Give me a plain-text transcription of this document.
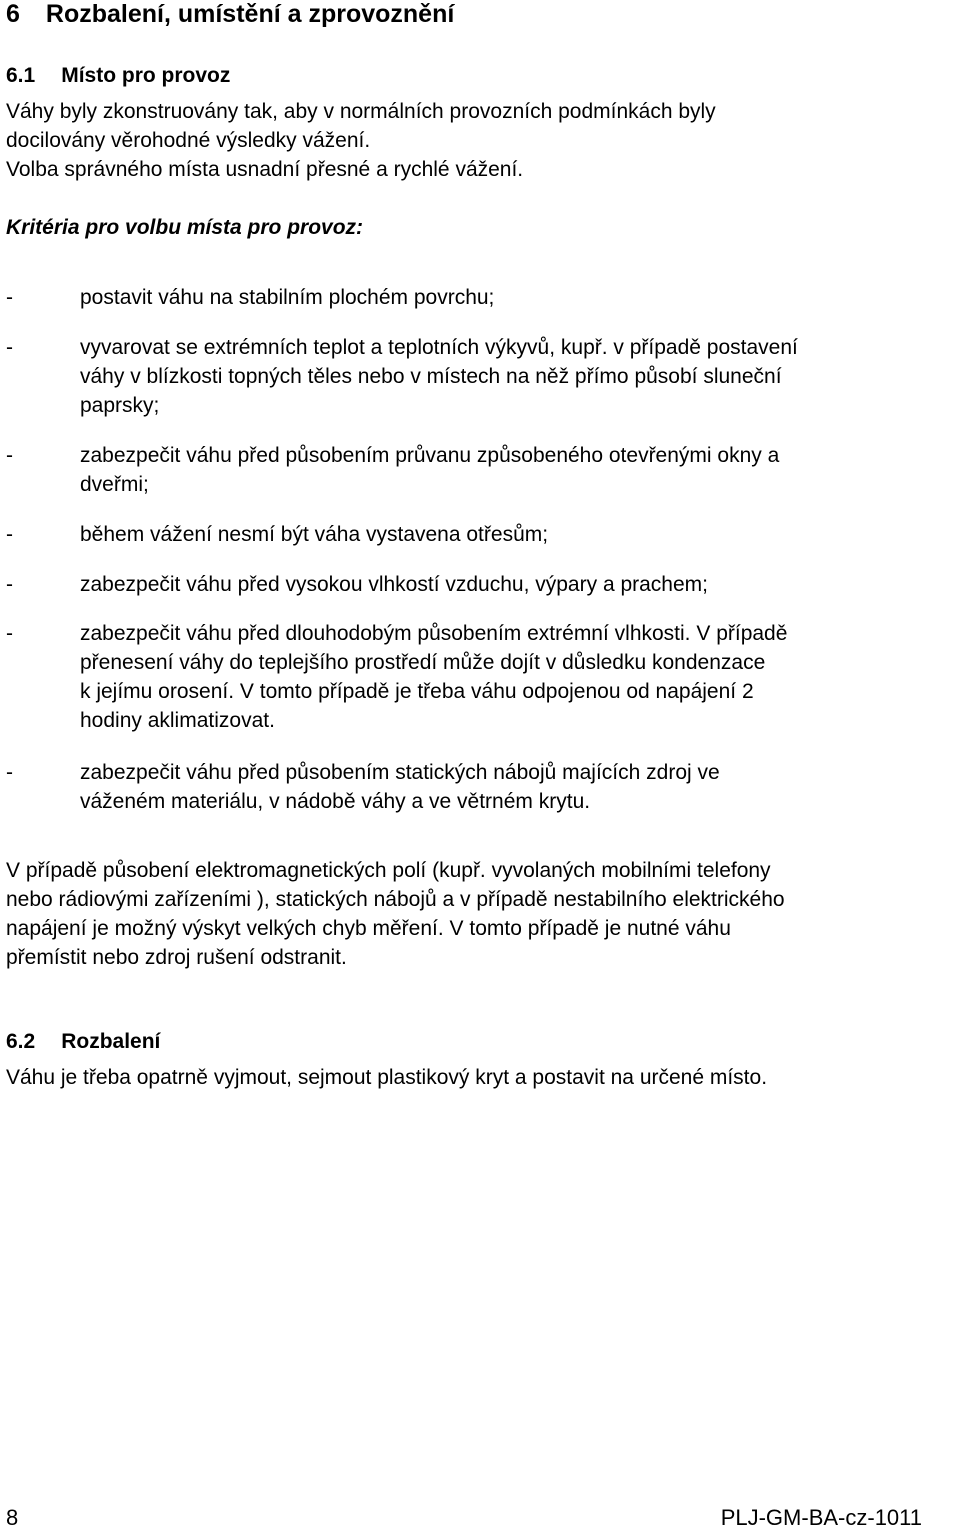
6 Rozbalení, umístění a zprovoznění
6.1 Místo pro provoz
Váhy byly zkonstruovány tak, aby v normálních provozních podmínkách byly
docilovány věrohodné výsledky vážení.
Volba správného místa usnadní přesné a rychlé vážení.
Kritéria pro volbu místa pro provoz:
-	postavit váhu na stabilním plochém povrchu;
-	vyvarovat se extrémních teplot a teplotních výkyvů, kupř. v případě postavení
váhy v blízkosti topných těles nebo v místech na něž přímo působí sluneční
paprsky;
-	zabezpečit váhu před působením průvanu způsobeného otevřenými okny a
dveřmi;
-	během vážení nesmí být váha vystavena otřesům;
-	zabezpečit váhu před vysokou vlhkostí vzduchu, výpary a prachem;
-	zabezpečit váhu před dlouhodobým působením extrémní vlhkosti. V případě
přenesení váhy do teplejšího prostředí může dojít v důsledku kondenzace
k jejímu orosení. V tomto případě je třeba váhu odpojenou od napájení 2
hodiny aklimatizovat.
-	zabezpečit váhu před působením statických nábojů majících zdroj ve
váženém materiálu, v nádobě váhy a ve větrném krytu.
V případě působení elektromagnetických polí (kupř. vyvolaných mobilními telefony
nebo rádiovými zařízeními ), statických nábojů a v případě nestabilního elektrického
napájení je možný výskyt velkých chyb měření. V tomto případě je nutné váhu
přemístit nebo zdroj rušení odstranit.
6.2 Rozbalení
Váhu je třeba opatrně vyjmout, sejmout plastikový kryt a postavit na určené místo.
8	PLJ-GM-BA-cz-1011
